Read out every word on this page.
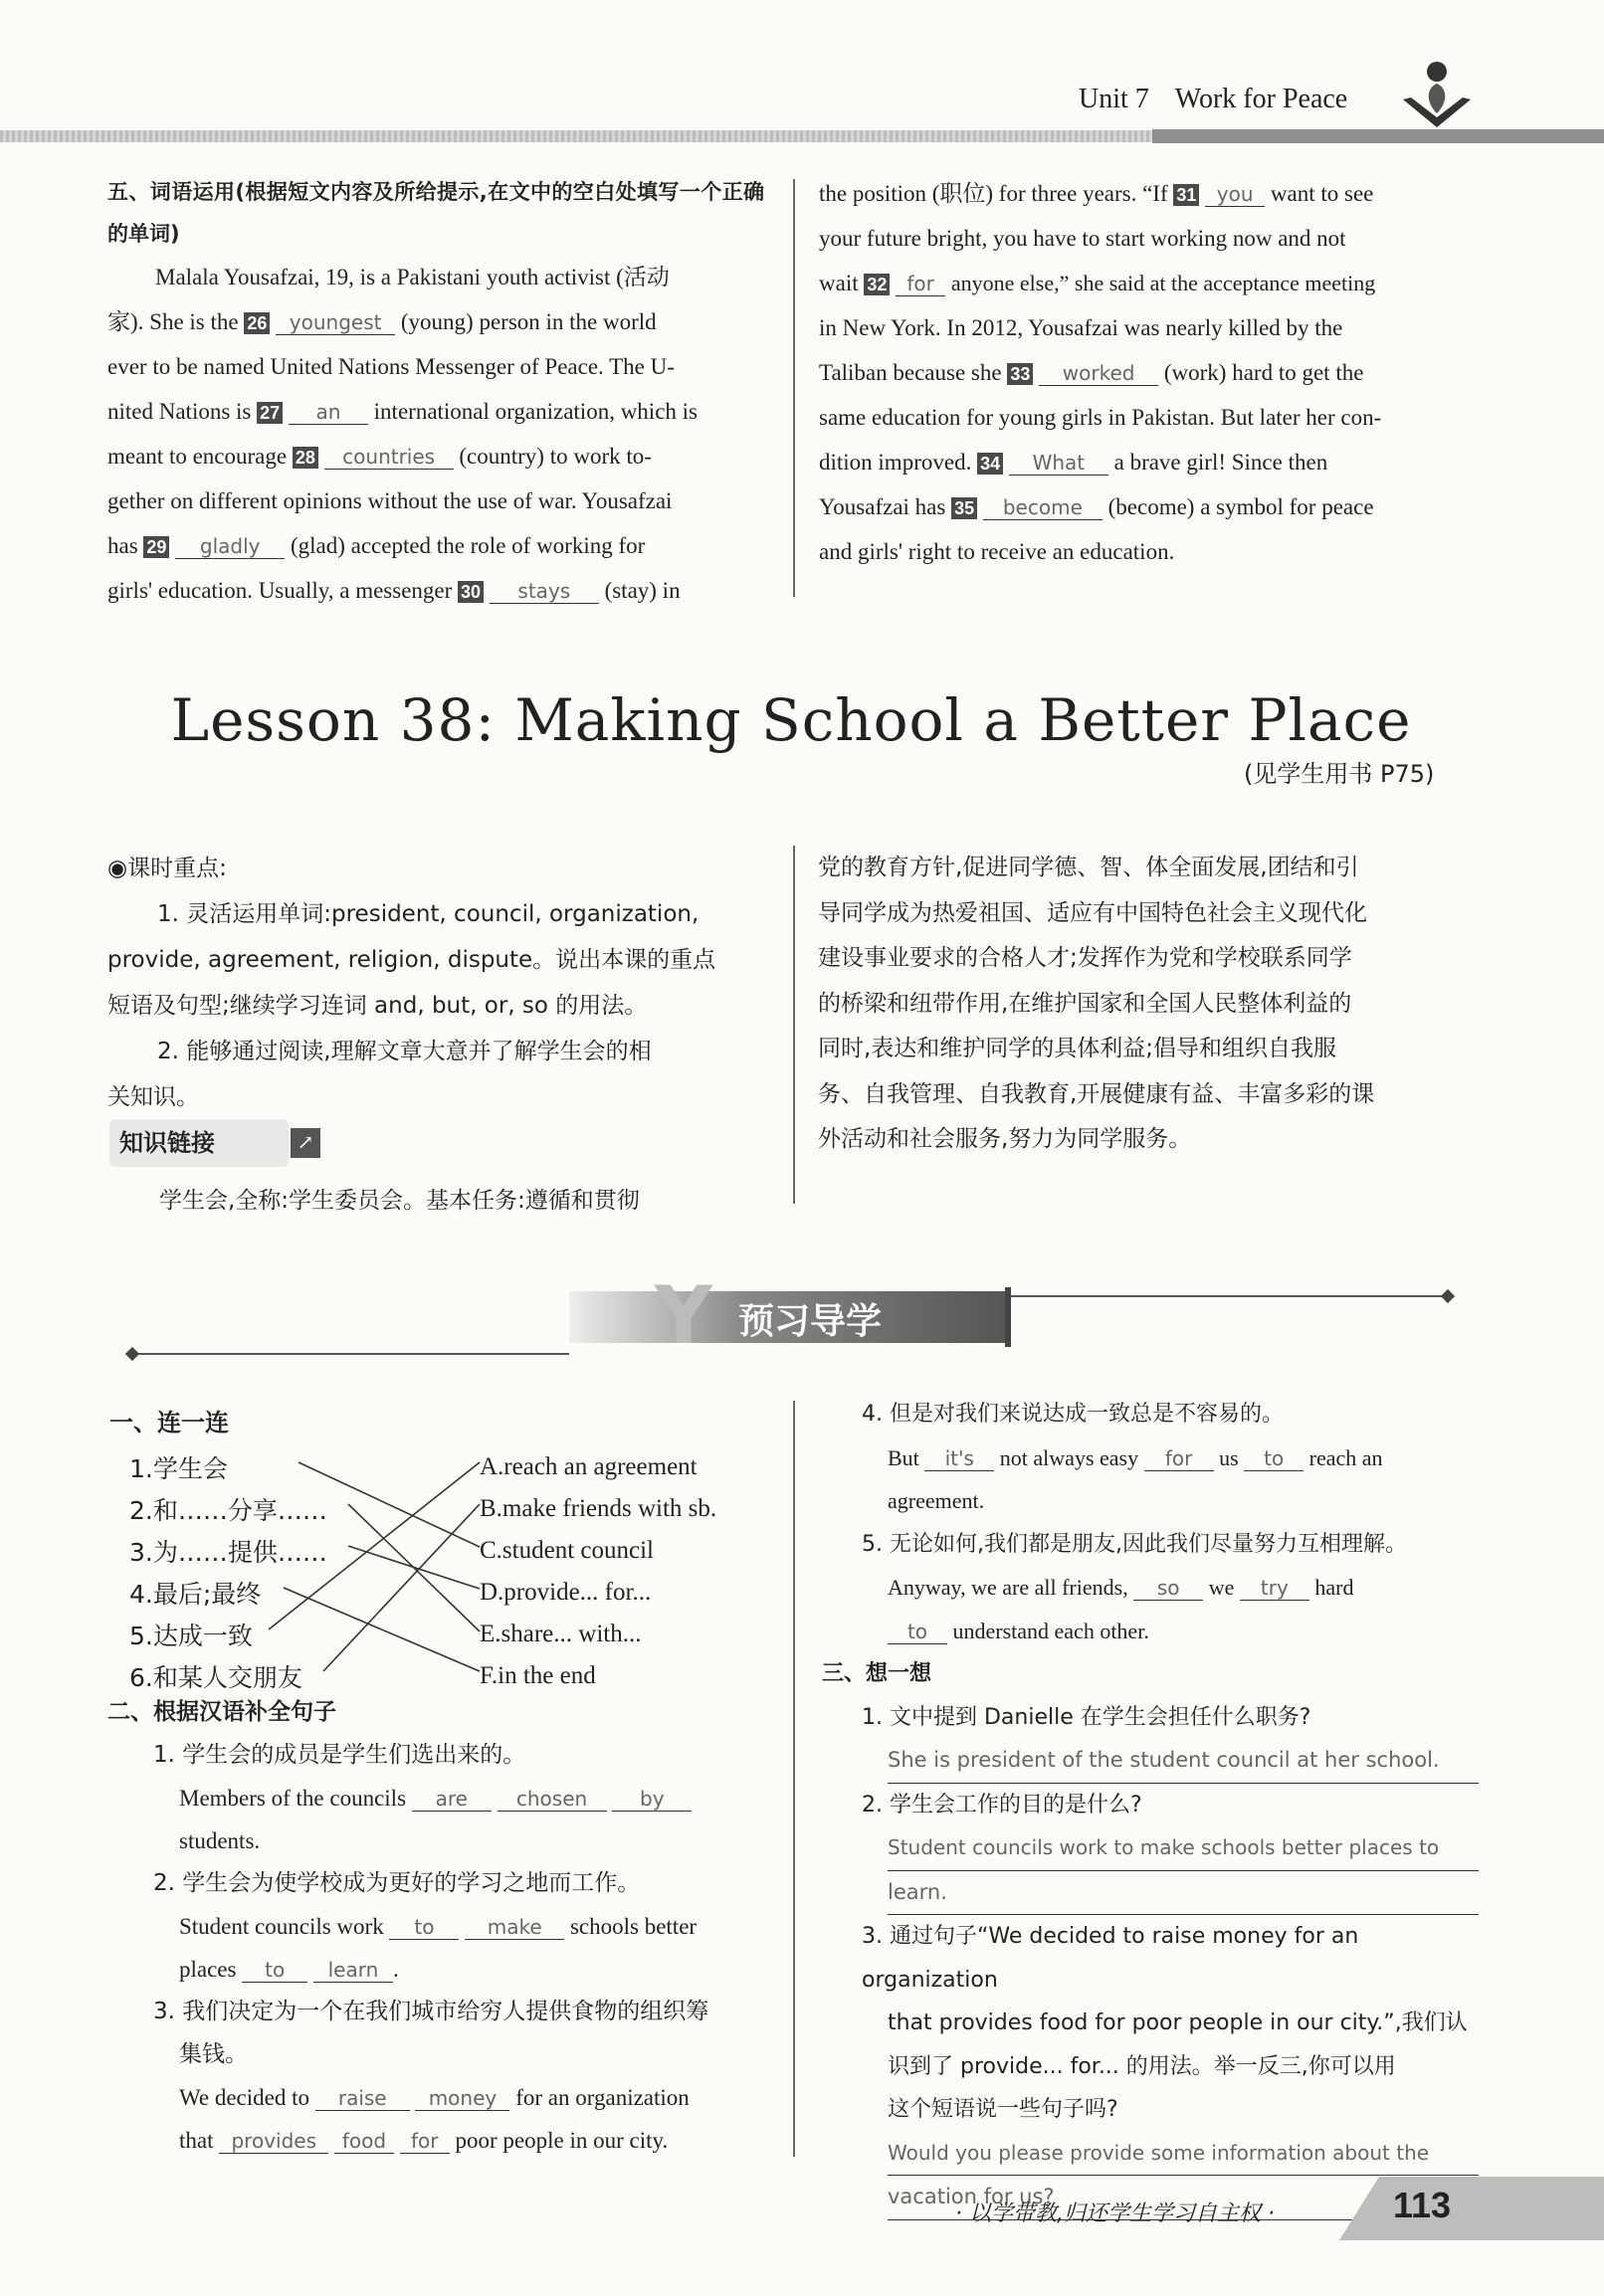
Unit 7 Work for Peace

五、词语运用(根据短文内容及所给提示,在文中的空白处填写一个正确的单词)

Malala Yousafzai, 19, is a Pakistani youth activist (活动

家). She is the 26 youngest (young) person in the world

ever to be named United Nations Messenger of Peace. The U-

nited Nations is 27 an international organization, which is

meant to encourage 28 countries (country) to work to-

gether on different opinions without the use of war. Yousafzai

has 29 gladly (glad) accepted the role of working for

girls' education. Usually, a messenger 30 stays (stay) in

the position (职位) for three years. “If 31 you want to see

your future bright, you have to start working now and not

wait 32 for anyone else,” she said at the acceptance meeting

in New York. In 2012, Yousafzai was nearly killed by the

Taliban because she 33 worked (work) hard to get the

same education for young girls in Pakistan. But later her con-

dition improved. 34 What a brave girl! Since then

Yousafzai has 35 become (become) a symbol for peace

and girls' right to receive an education.

Lesson 38: Making School a Better Place
(见学生用书 P75)
◉课时重点:
1. 灵活运用单词:president, council, organization,
provide, agreement, religion, dispute。说出本课的重点
短语及句型;继续学习连词 and, but, or, so 的用法。
2. 能够通过阅读,理解文章大意并了解学生会的相
关知识。
知识链接	↗
学生会,全称:学生委员会。基本任务:遵循和贯彻
党的教育方针,促进同学德、智、体全面发展,团结和引
导同学成为热爱祖国、适应有中国特色社会主义现代化
建设事业要求的合格人才;发挥作为党和学校联系同学
的桥梁和纽带作用,在维护国家和全国人民整体利益的
同时,表达和维护同学的具体利益;倡导和组织自我服
务、自我管理、自我教育,开展健康有益、丰富多彩的课
外活动和社会服务,努力为同学服务。
Y 预习导学
一、连一连
1.学生会
2.和……分享……
3.为……提供……
4.最后;最终
5.达成一致
6.和某人交朋友
A.reach an agreement
B.make friends with sb.
C.student council
D.provide... for...
E.share... with...
F.in the end
二、根据汉语补全句子
1. 学生会的成员是学生们选出来的。
Members of the councils are chosen	by
students.
2. 学生会为使学校成为更好的学习之地而工作。
Student councils work to	make schools better
places to learn .
3. 我们决定为一个在我们城市给穷人提供食物的组织筹
集钱。
We decided to raise money for an organization
that provides food for poor people in our city.
4. 但是对我们来说达成一致总是不容易的。
But it's not always easy for us to reach an
agreement.
5. 无论如何,我们都是朋友,因此我们尽量努力互相理解。
Anyway, we are all friends, so we try hard
to understand each other.
三、想一想
1. 文中提到 Danielle 在学生会担任什么职务?
She is president of the student council at her school.
2. 学生会工作的目的是什么?
Student councils work to make schools better places to
learn.
3. 通过句子“We decided to raise money for an organization
that provides food for poor people in our city.”,我们认
识到了 provide... for... 的用法。举一反三,你可以用
这个短语说一些句子吗?
Would you please provide some information about the
vacation for us?
· 以学带教,归还学生学习自主权 ·	113
